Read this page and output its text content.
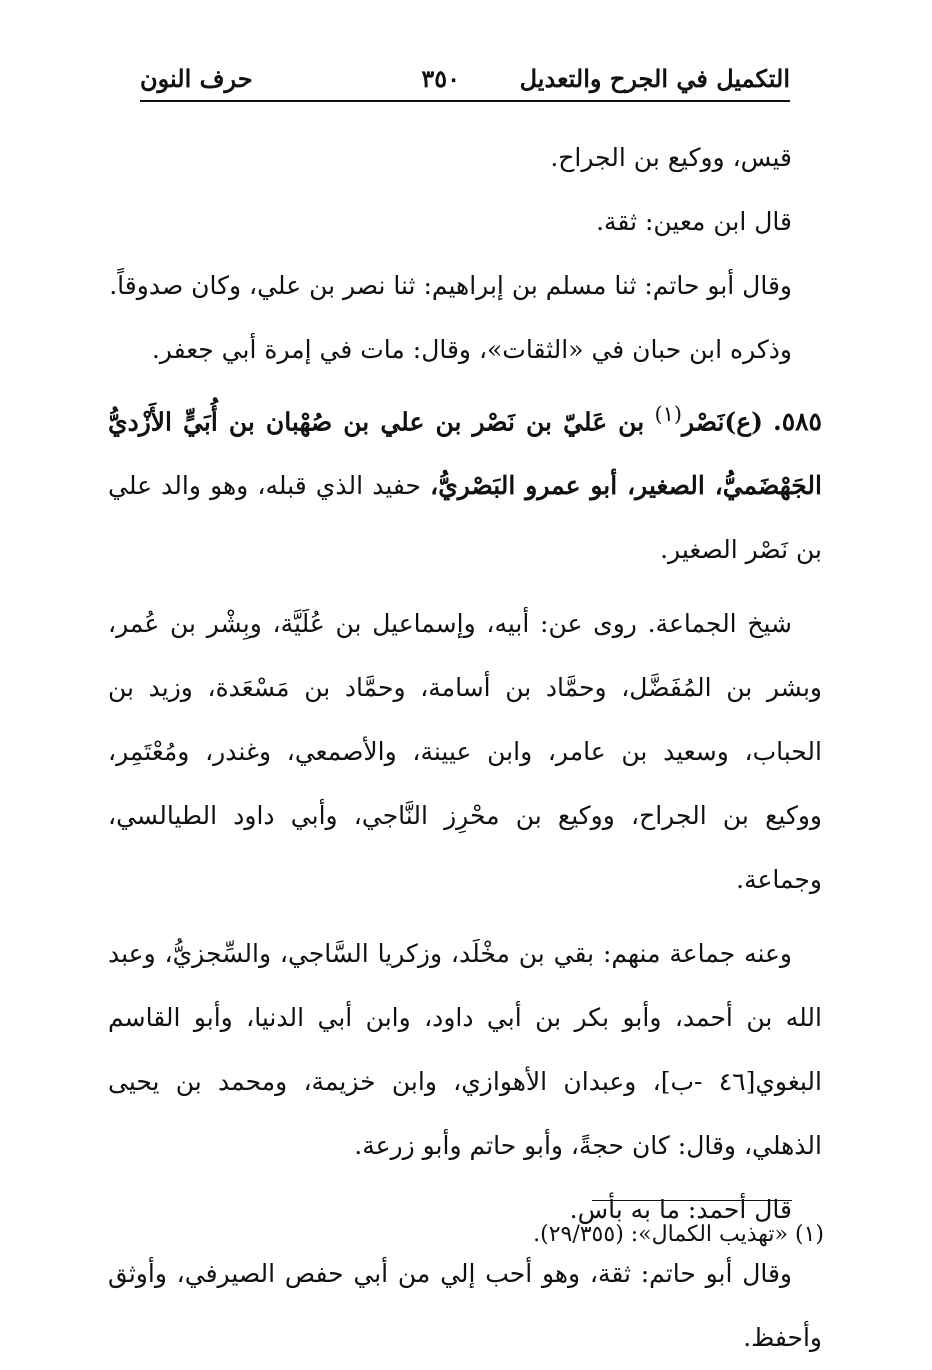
التكميل في الجرح والتعديل
٣٥٠
حرف النون

قيس، ووكيع بن الجراح.

قال ابن معين: ثقة.

وقال أبو حاتم: ثنا مسلم بن إبراهيم: ثنا نصر بن علي، وكان صدوقاً.

وذكره ابن حبان في «الثقات»، وقال: مات في إمرة أبي جعفر.

٥٨٥.(ع)نَصْر$^{(١)}$ بن عَليّ بن نَصْر بن علي بن صُهْبان بن أُبَيٍّ الأَزْديُّ الجَهْضَميُّ، الصغير، أبو عمرو البَصْريُّ، حفيد الذي قبله، وهو والد علي بن نَصْر الصغير.

شيخ الجماعة. روى عن: أبيه، وإسماعيل بن عُلَيَّة، وبِشْر بن عُمر، وبشر بن المُفَضَّل، وحمَّاد بن أسامة، وحمَّاد بن مَسْعَدة، وزيد بن الحباب، وسعيد بن عامر، وابن عيينة، والأصمعي، وغندر، ومُعْتَمِر، ووكيع بن الجراح، ووكيع بن محْرِز النَّاجي، وأبي داود الطيالسي، وجماعة.

وعنه جماعة منهم: بقي بن مخْلَد، وزكريا السَّاجي، والسِّجزيُّ، وعبد الله بن أحمد، وأبو بكر بن أبي داود، وابن أبي الدنيا، وأبو القاسم البغوي[٤٦ -ب]، وعبدان الأهوازي، وابن خزيمة، ومحمد بن يحيى الذهلي، وقال: كان حجةً، وأبو حاتم وأبو زرعة.

قال أحمد: ما به بأس.

وقال أبو حاتم: ثقة، وهو أحب إلي من أبي حفص الصيرفي، وأوثق وأحفظ.

(١) «تهذيب الكمال»: (٢٩/٣٥٥).
